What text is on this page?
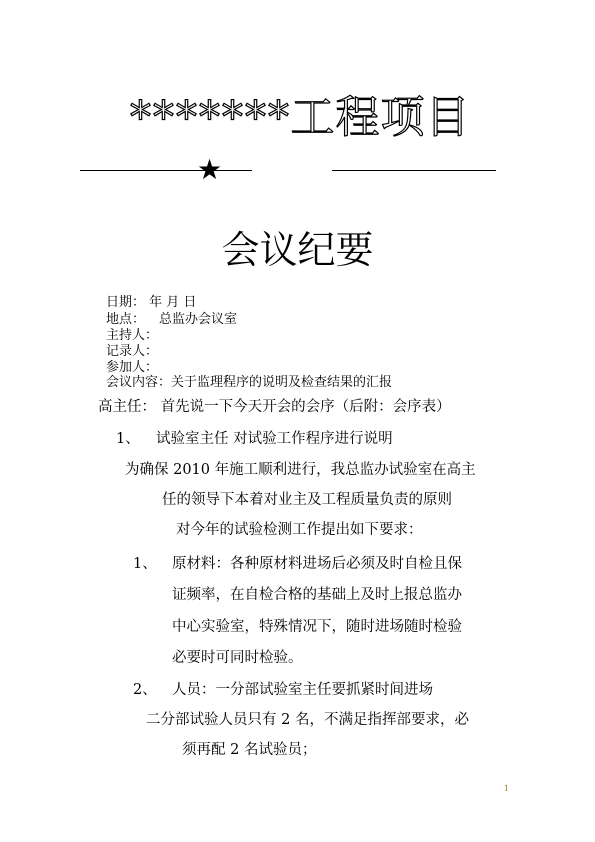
*******工程项目
★
会议纪要
日期： 年 月 日
地点： 总监办会议室
主持人：
记录人：
参加人：
会议内容：关于监理程序的说明及检查结果的汇报
高主任： 首先说一下今天开会的会序（后附：会序表）
1、 试验室主任 对试验工作程序进行说明
为确保 2010 年施工顺利进行，我总监办试验室在高主
任的领导下本着对业主及工程质量负责的原则
对今年的试验检测工作提出如下要求：
1、 原材料：各种原材料进场后必须及时自检且保
证频率，在自检合格的基础上及时上报总监办
中心实验室，特殊情况下，随时进场随时检验
必要时可同时检验。
2、 人员：一分部试验室主任要抓紧时间进场
二分部试验人员只有 2 名，不满足指挥部要求，必
须再配 2 名试验员；
1
